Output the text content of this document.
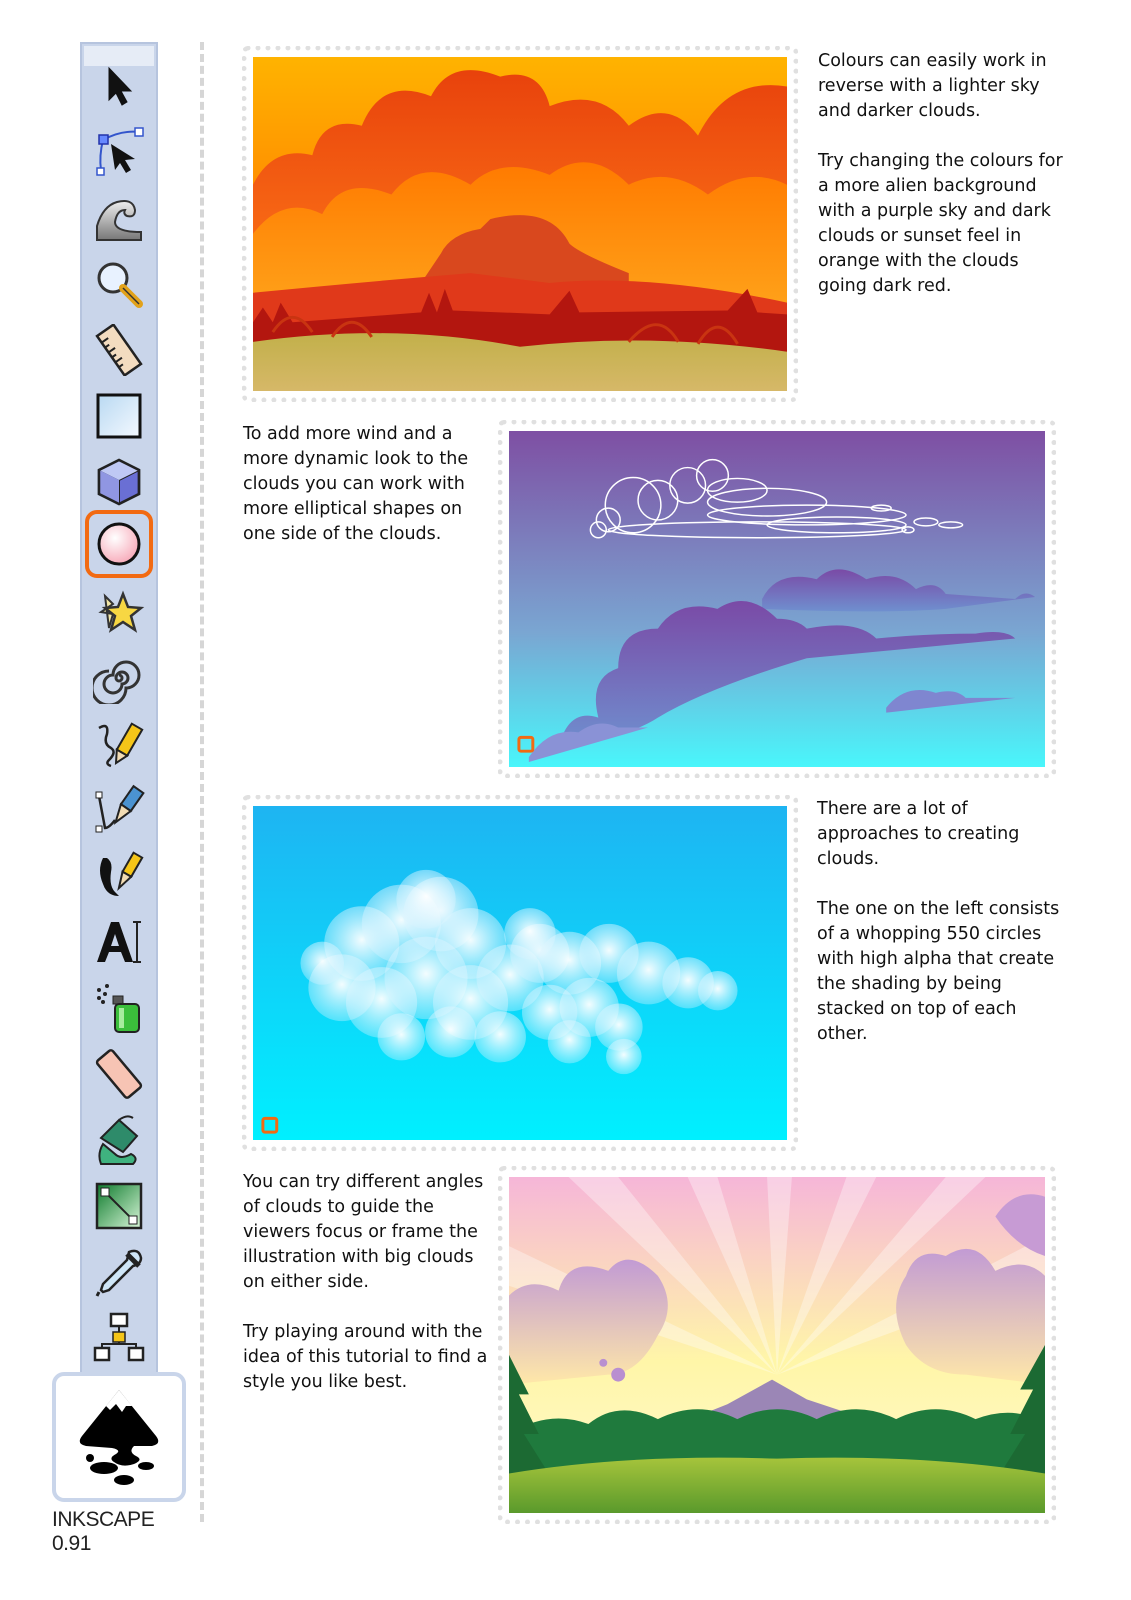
INKSCAPE 0.91

Colours can easily work in reverse with a lighter sky and darker clouds.

Try changing the colours for a more alien background with a purple sky and dark clouds or sunset feel in orange with the clouds going dark red.

To add more wind and a more dynamic look to the clouds you can work with more elliptical shapes on one side of the clouds.

There are a lot of approaches to creating clouds.

The one on the left consists of a whopping 550 circles with high alpha that create the shading by being stacked on top of each other.

You can try different angles of clouds to guide the viewers focus or frame the illustration with big clouds on either side.

Try playing around with the idea of this tutorial to find a style you like best.
